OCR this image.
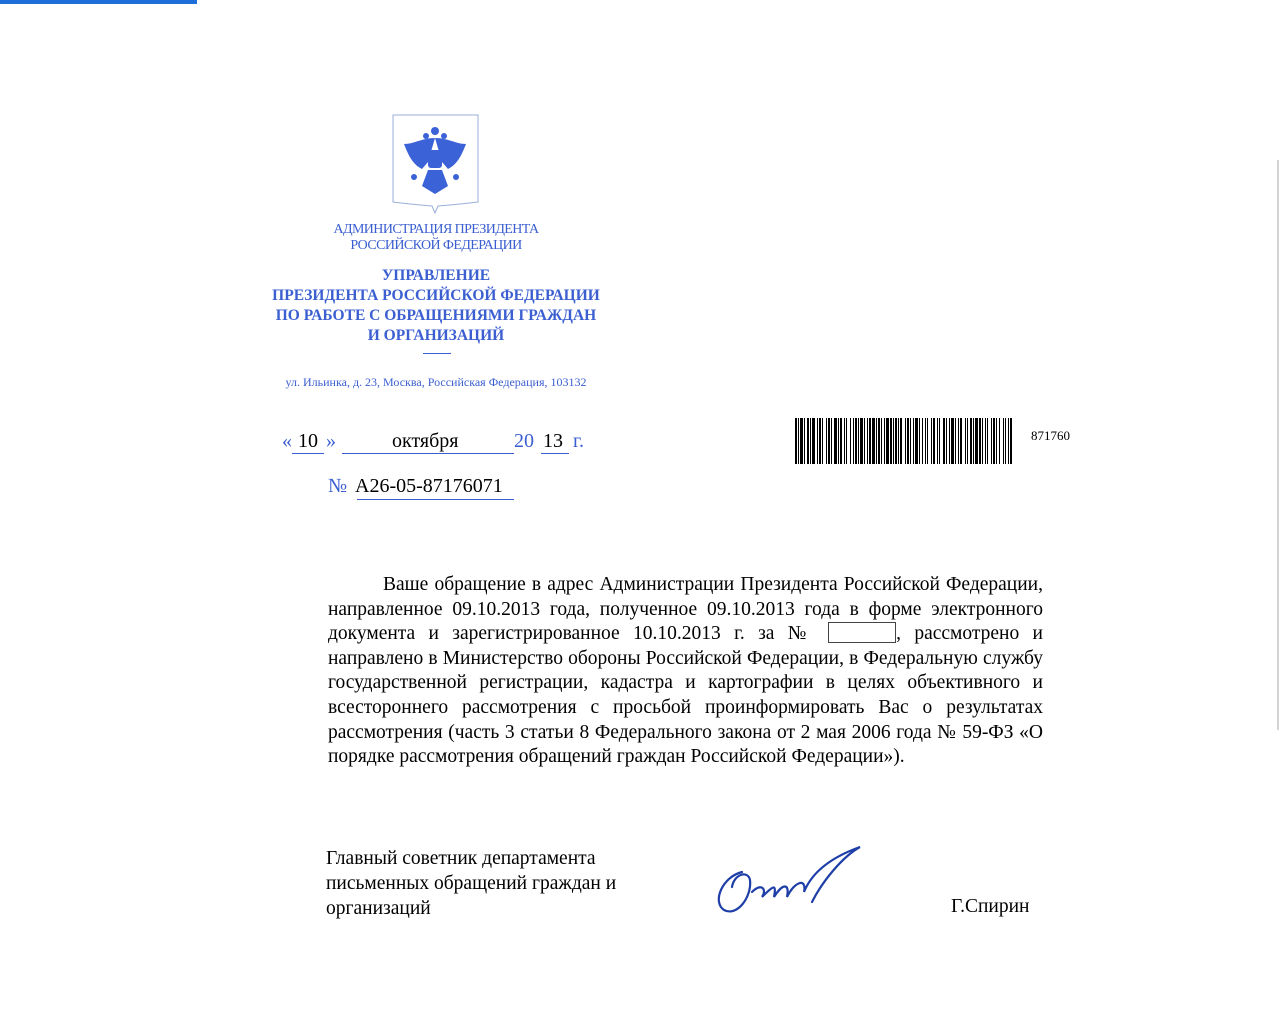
АДМИНИСТРАЦИЯ ПРЕЗИДЕНТА
РОССИЙСКОЙ ФЕДЕРАЦИИ
УПРАВЛЕНИЕ
ПРЕЗИДЕНТА РОССИЙСКОЙ ФЕДЕРАЦИИ
ПО РАБОТЕ С ОБРАЩЕНИЯМИ ГРАЖДАН
И ОРГАНИЗАЦИЙ
ул. Ильинка, д. 23, Москва, Российская Федерация, 103132
« 10 »	октября	20 13 г.
№ А26-05-87176071
871760

Ваше обращение в адрес Администрации Президента Российской Федерации, направленное 09.10.2013 года, полученное 09.10.2013 года в форме электронного документа и зарегистрированное 10.10.2013 г. за №	, рассмотрено и направлено в Министерство обороны Российской Федерации, в Федеральную службу государственной регистрации, кадастра и картографии в целях объективного и всестороннего рассмотрения с просьбой проинформировать Вас о результатах рассмотрения (часть 3 статьи 8 Федерального закона от 2 мая 2006 года № 59-ФЗ «О порядке рассмотрения обращений граждан Российской Федерации»).

Главный советник департамента
письменных обращений граждан и
организаций	Г.Спирин
